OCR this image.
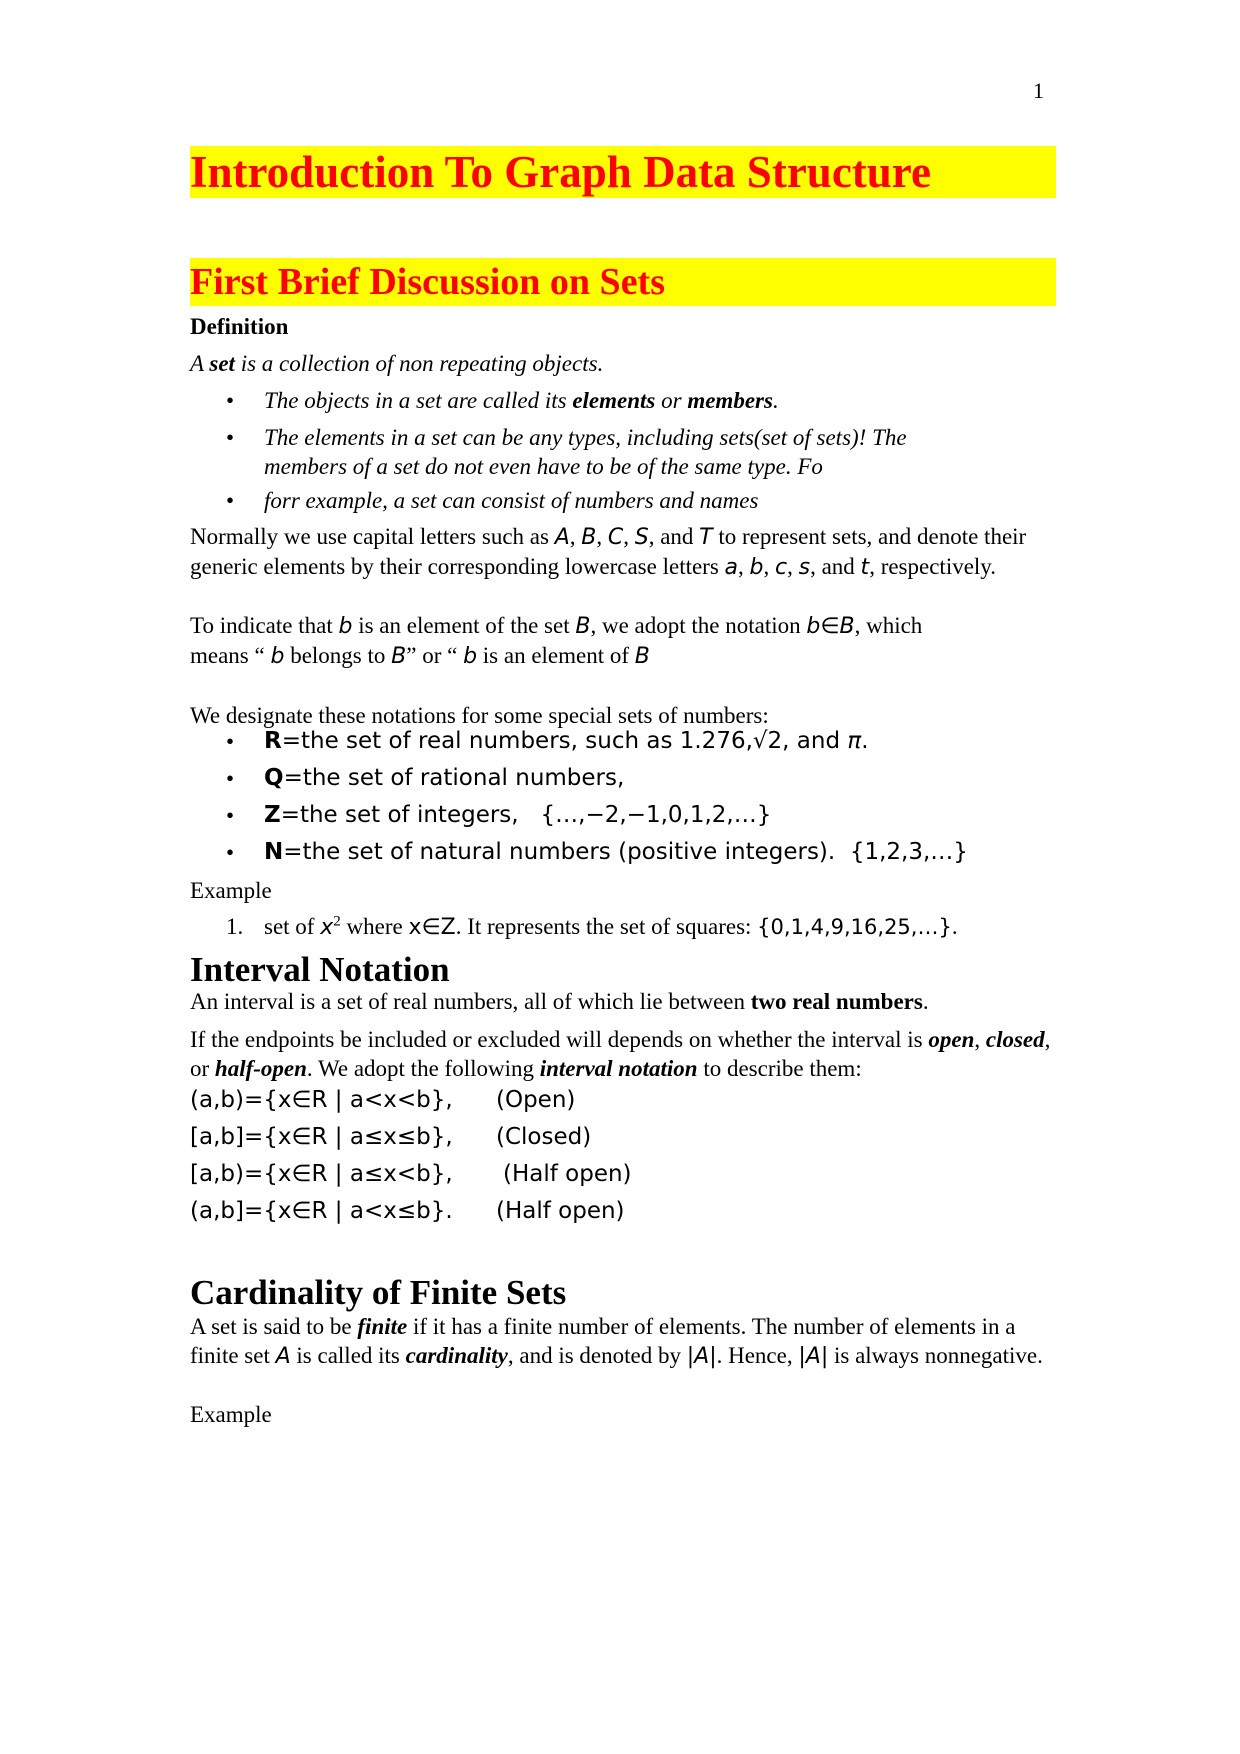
1
Introduction To Graph Data Structure
First Brief Discussion on Sets
Definition
A set is a collection of non repeating objects.
• The objects in a set are called its elements or members.
• The elements in a set can be any types, including sets(set of sets)! The members of a set do not even have to be of the same type. Fo
• forr example, a set can consist of numbers and names
Normally we use capital letters such as A, B, C, S, and T to represent sets, and denote their generic elements by their corresponding lowercase letters a, b, c, s, and t, respectively.
To indicate that b is an element of the set B, we adopt the notation b∈B, which means “ b belongs to B” or “ b is an element of B
We designate these notations for some special sets of numbers:
• R=the set of real numbers, such as 1.276,√2, and π.
• Q=the set of rational numbers,
• Z=the set of integers,   {…,−2,−1,0,1,2,…}
• N=the set of natural numbers (positive integers).  {1,2,3,…}
Example
1. set of $x^2$ where x∈Z. It represents the set of squares: {0,1,4,9,16,25,…}.
Interval Notation
An interval is a set of real numbers, all of which lie between two real numbers.
If the endpoints be included or excluded will depends on whether the interval is open, closed, or half-open. We adopt the following interval notation to describe them:
(a,b)={x∈R | a<x<b}, (Open)
[a,b]={x∈R | a≤x≤b}, (Closed)
[a,b)={x∈R | a≤x<b}, (Half open)
(a,b]={x∈R | a<x≤b}. (Half open)
Cardinality of Finite Sets
A set is said to be finite if it has a finite number of elements. The number of elements in a finite set A is called its cardinality, and is denoted by |A|. Hence, |A| is always nonnegative.
Example
